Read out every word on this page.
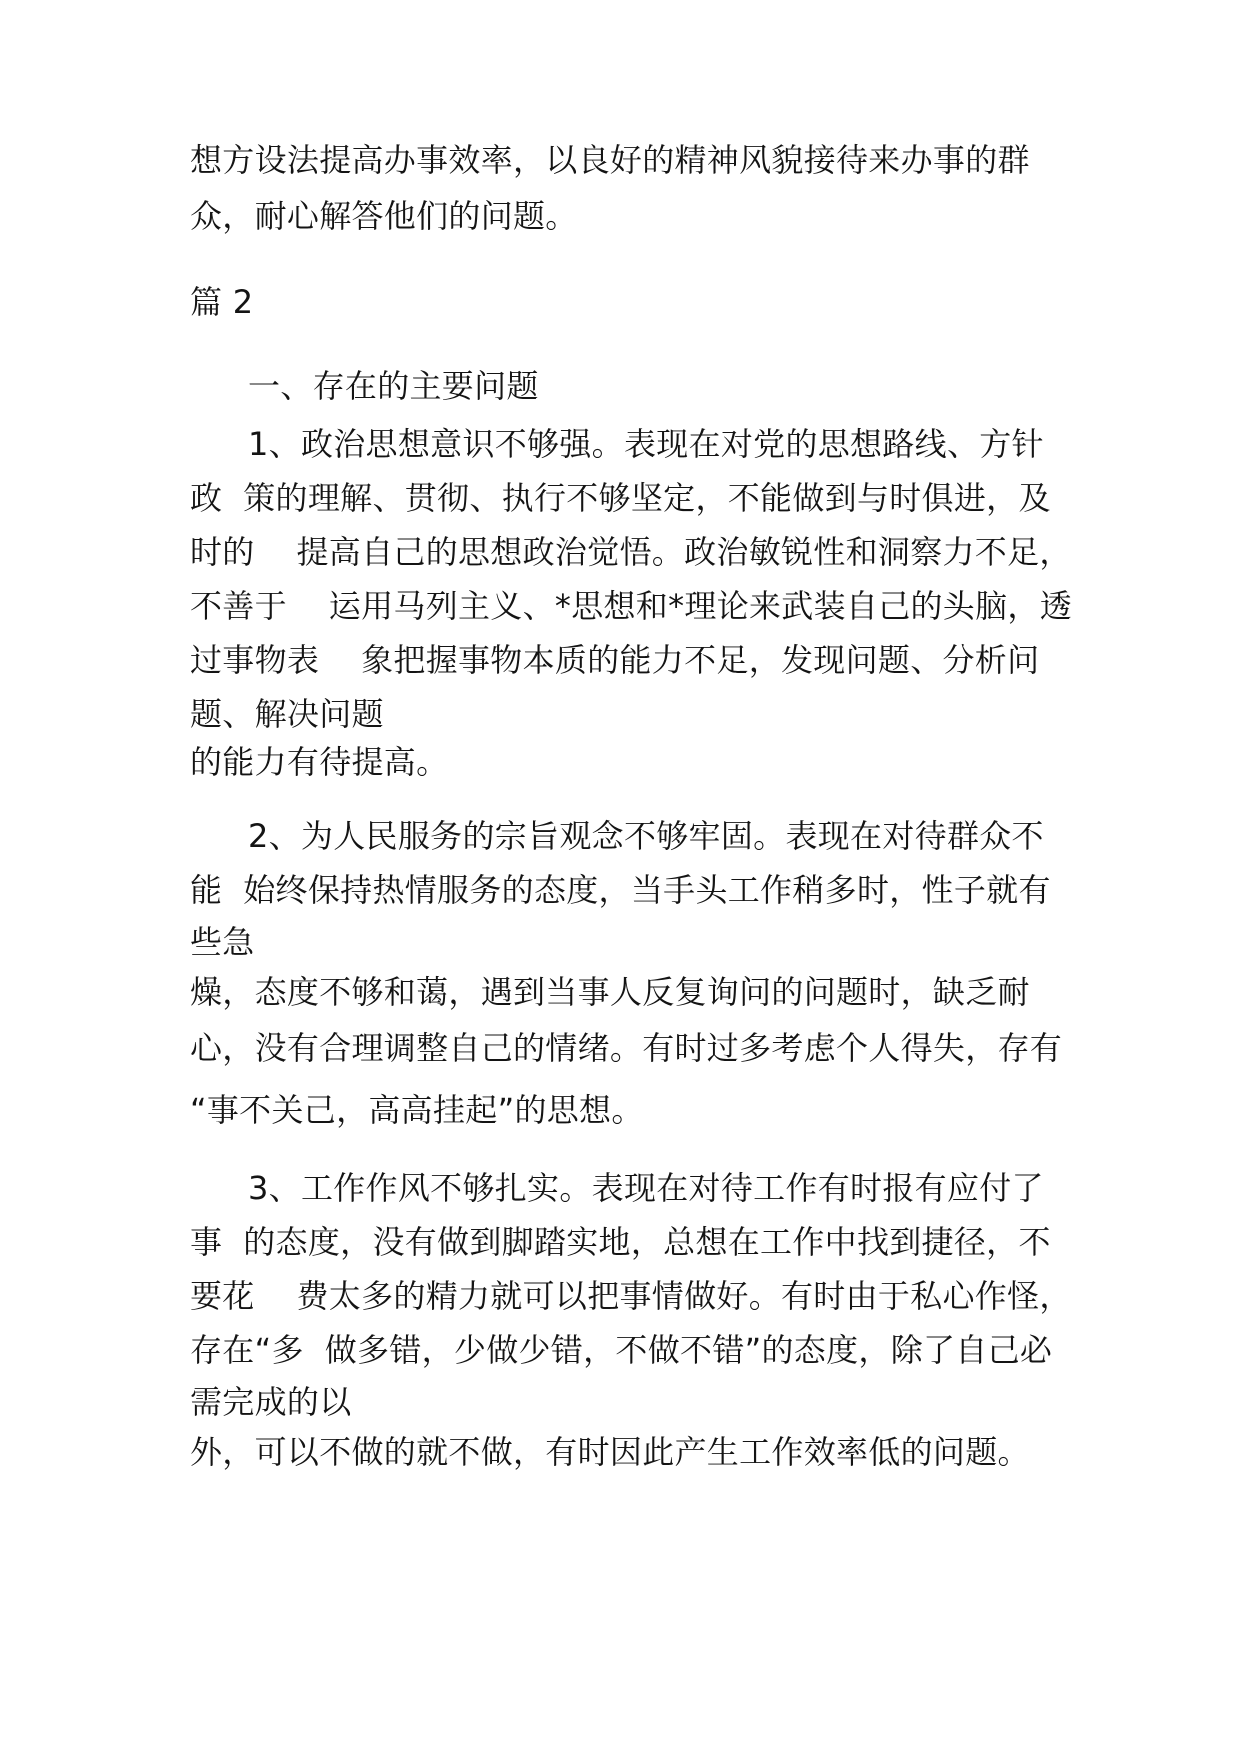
想方设法提高办事效率，以良好的精神风貌接待来办事的群
众，耐心解答他们的问题。
篇 2
一、存在的主要问题
1、政治思想意识不够强。表现在对党的思想路线、方针
政  策的理解、贯彻、执行不够坚定，不能做到与时俱进，及
时的    提高自己的思想政治觉悟。政治敏锐性和洞察力不足，
不善于    运用马列主义、*思想和*理论来武装自己的头脑，透
过事物表    象把握事物本质的能力不足，发现问题、分析问
题、解决问题
的能力有待提高。
2、为人民服务的宗旨观念不够牢固。表现在对待群众不
能  始终保持热情服务的态度，当手头工作稍多时，性子就有
些急
燥，态度不够和蔼，遇到当事人反复询问的问题时，缺乏耐
心，没有合理调整自己的情绪。有时过多考虑个人得失，存有
“事不关己，高高挂起”的思想。
3、工作作风不够扎实。表现在对待工作有时报有应付了
事  的态度，没有做到脚踏实地，总想在工作中找到捷径，不
要花    费太多的精力就可以把事情做好。有时由于私心作怪，
存在“多  做多错，少做少错，不做不错”的态度，除了自己必
需完成的以
外，可以不做的就不做，有时因此产生工作效率低的问题。
